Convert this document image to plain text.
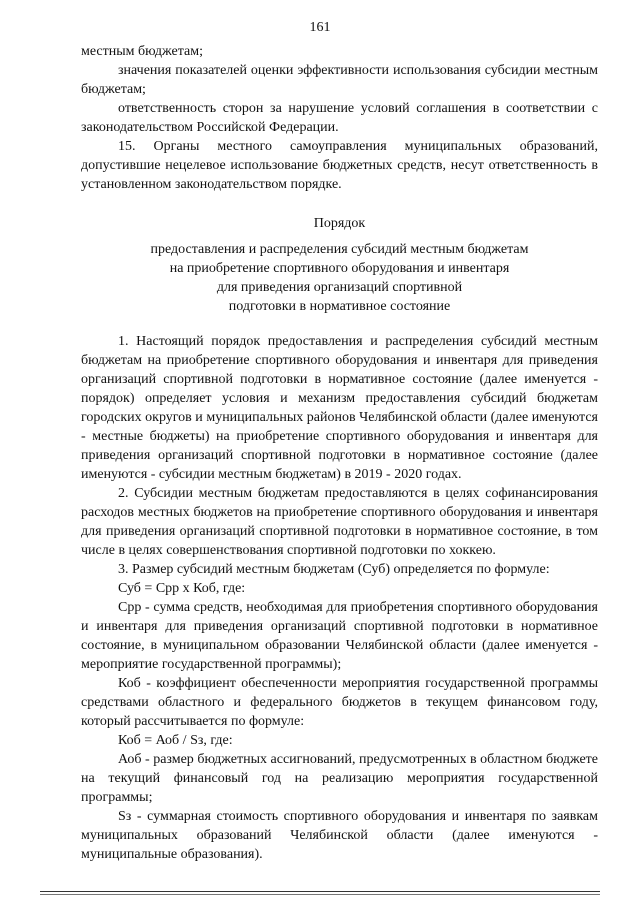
161

местным бюджетам;

значения показателей оценки эффективности использования субсидии местным бюджетам;

ответственность сторон за нарушение условий соглашения в соответствии с законодательством Российской Федерации.

15. Органы местного самоуправления муниципальных образований, допустившие нецелевое использование бюджетных средств, несут ответственность в установленном законодательством порядке.

Порядок

предоставления и распределения субсидий местным бюджетам

на приобретение спортивного оборудования и инвентаря

для приведения организаций спортивной

подготовки в нормативное состояние

1. Настоящий порядок предоставления и распределения субсидий местным бюджетам на приобретение спортивного оборудования и инвентаря для приведения организаций спортивной подготовки в нормативное состояние (далее именуется - порядок) определяет условия и механизм предоставления субсидий бюджетам городских округов и муниципальных районов Челябинской области (далее именуются - местные бюджеты) на приобретение спортивного оборудования и инвентаря для приведения организаций спортивной подготовки в нормативное состояние (далее именуются - субсидии местным бюджетам) в 2019 - 2020 годах.

2. Субсидии местным бюджетам предоставляются в целях софинансирования расходов местных бюджетов на приобретение спортивного оборудования и инвентаря для приведения организаций спортивной подготовки в нормативное состояние, в том числе в целях совершенствования спортивной подготовки по хоккею.

3. Размер субсидий местным бюджетам (Суб) определяется по формуле:

Суб = Срр х Коб, где:

Срр - сумма средств, необходимая для приобретения спортивного оборудования и инвентаря для приведения организаций спортивной подготовки в нормативное состояние, в муниципальном образовании Челябинской области (далее именуется - мероприятие государственной программы);

Коб - коэффициент обеспеченности мероприятия государственной программы средствами областного и федерального бюджетов в текущем финансовом году, который рассчитывается по формуле:

Коб = Аоб / Sз, где:

Аоб - размер бюджетных ассигнований, предусмотренных в областном бюджете на текущий финансовый год на реализацию мероприятия государственной программы;

Sз - суммарная стоимость спортивного оборудования и инвентаря по заявкам муниципальных образований Челябинской области (далее именуются - муниципальные образования).
